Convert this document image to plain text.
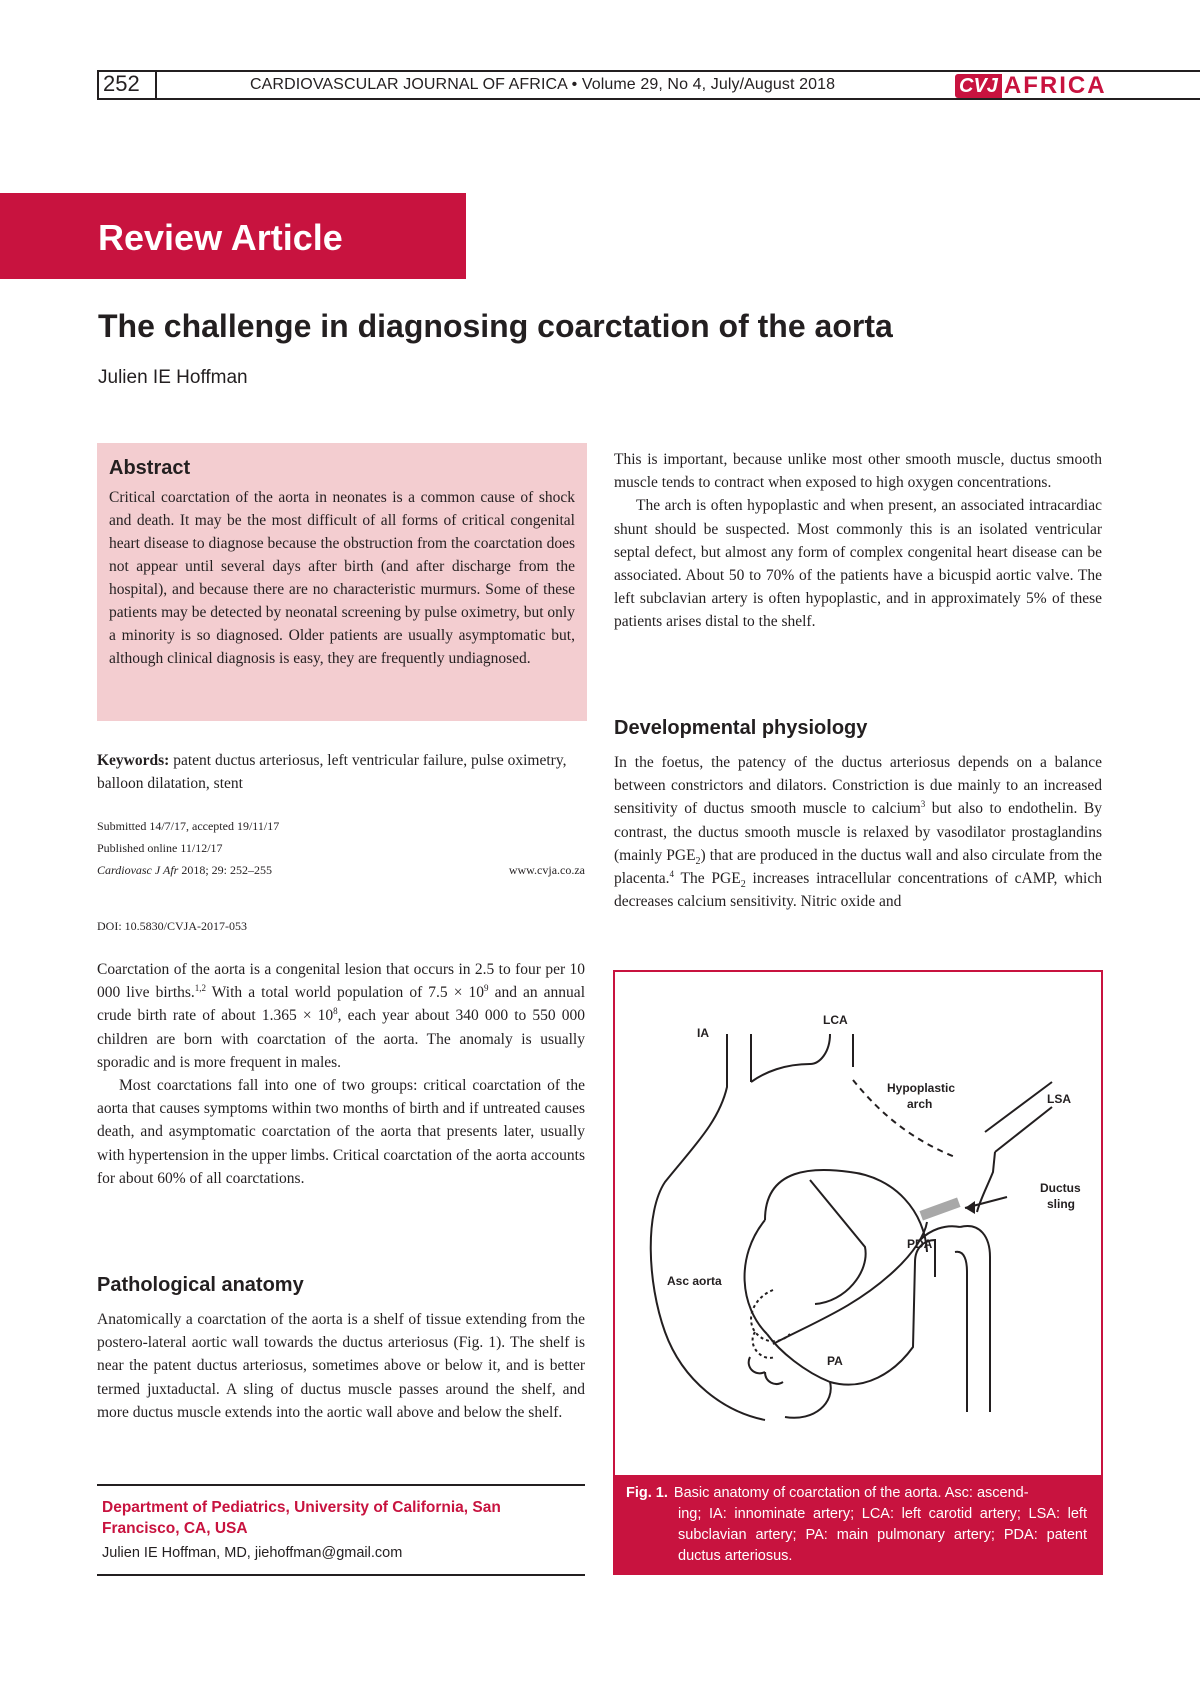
252	CARDIOVASCULAR JOURNAL OF AFRICA • Volume 29, No 4, July/August 2018	CVJ AFRICA
Review Article
The challenge in diagnosing coarctation of the aorta
Julien IE Hoffman
Abstract
Critical coarctation of the aorta in neonates is a common cause of shock and death. It may be the most difficult of all forms of critical congenital heart disease to diagnose because the obstruction from the coarctation does not appear until several days after birth (and after discharge from the hospital), and because there are no characteristic murmurs. Some of these patients may be detected by neonatal screening by pulse oximetry, but only a minority is so diagnosed. Older patients are usually asymptomatic but, although clinical diagnosis is easy, they are frequently undiagnosed.
Keywords: patent ductus arteriosus, left ventricular failure, pulse oximetry, balloon dilatation, stent
Submitted 14/7/17, accepted 19/11/17
Published online 11/12/17
Cardiovasc J Afr 2018; 29: 252–255	www.cvja.co.za
DOI: 10.5830/CVJA-2017-053

Coarctation of the aorta is a congenital lesion that occurs in 2.5 to four per 10 000 live births.$^{1,2}$ With a total world population of $7.5 \times 10^9$ and an annual crude birth rate of about $1.365 \times 10^8$, each year about 340 000 to 550 000 children are born with coarctation of the aorta. The anomaly is usually sporadic and is more frequent in males.

Most coarctations fall into one of two groups: critical coarctation of the aorta that causes symptoms within two months of birth and if untreated causes death, and asymptomatic coarctation of the aorta that presents later, usually with hypertension in the upper limbs. Critical coarctation of the aorta accounts for about 60% of all coarctations.

Pathological anatomy

Anatomically a coarctation of the aorta is a shelf of tissue extending from the postero-lateral aortic wall towards the ductus arteriosus (Fig. 1). The shelf is near the patent ductus arteriosus, sometimes above or below it, and is better termed juxtaductal. A sling of ductus muscle passes around the shelf, and more ductus muscle extends into the aortic wall above and below the shelf.

Department of Pediatrics, University of California, San Francisco, CA, USA
Julien IE Hoffman, MD, jiehoffman@gmail.com

This is important, because unlike most other smooth muscle, ductus smooth muscle tends to contract when exposed to high oxygen concentrations.

The arch is often hypoplastic and when present, an associated intracardiac shunt should be suspected. Most commonly this is an isolated ventricular septal defect, but almost any form of complex congenital heart disease can be associated. About 50 to 70% of the patients have a bicuspid aortic valve. The left subclavian artery is often hypoplastic, and in approximately 5% of these patients arises distal to the shelf.

Developmental physiology

In the foetus, the patency of the ductus arteriosus depends on a balance between constrictors and dilators. Constriction is due mainly to an increased sensitivity of ductus smooth muscle to calcium$^3$ but also to endothelin. By contrast, the ductus smooth muscle is relaxed by vasodilator prostaglandins (mainly $PGE_2$) that are produced in the ductus wall and also circulate from the placenta.$^4$ The $PGE_2$ increases intracellular concentrations of cAMP, which decreases calcium sensitivity. Nitric oxide and

IA
LCA
Hypoplastic
arch	LSA
Ductus
sling
PDA
Asc aorta
PA
Fig. 1. Basic anatomy of coarctation of the aorta. Asc: ascend-
ing; IA: innominate artery; LCA: left carotid artery; LSA: left subclavian artery; PA: main pulmonary artery; PDA: patent ductus arteriosus.
